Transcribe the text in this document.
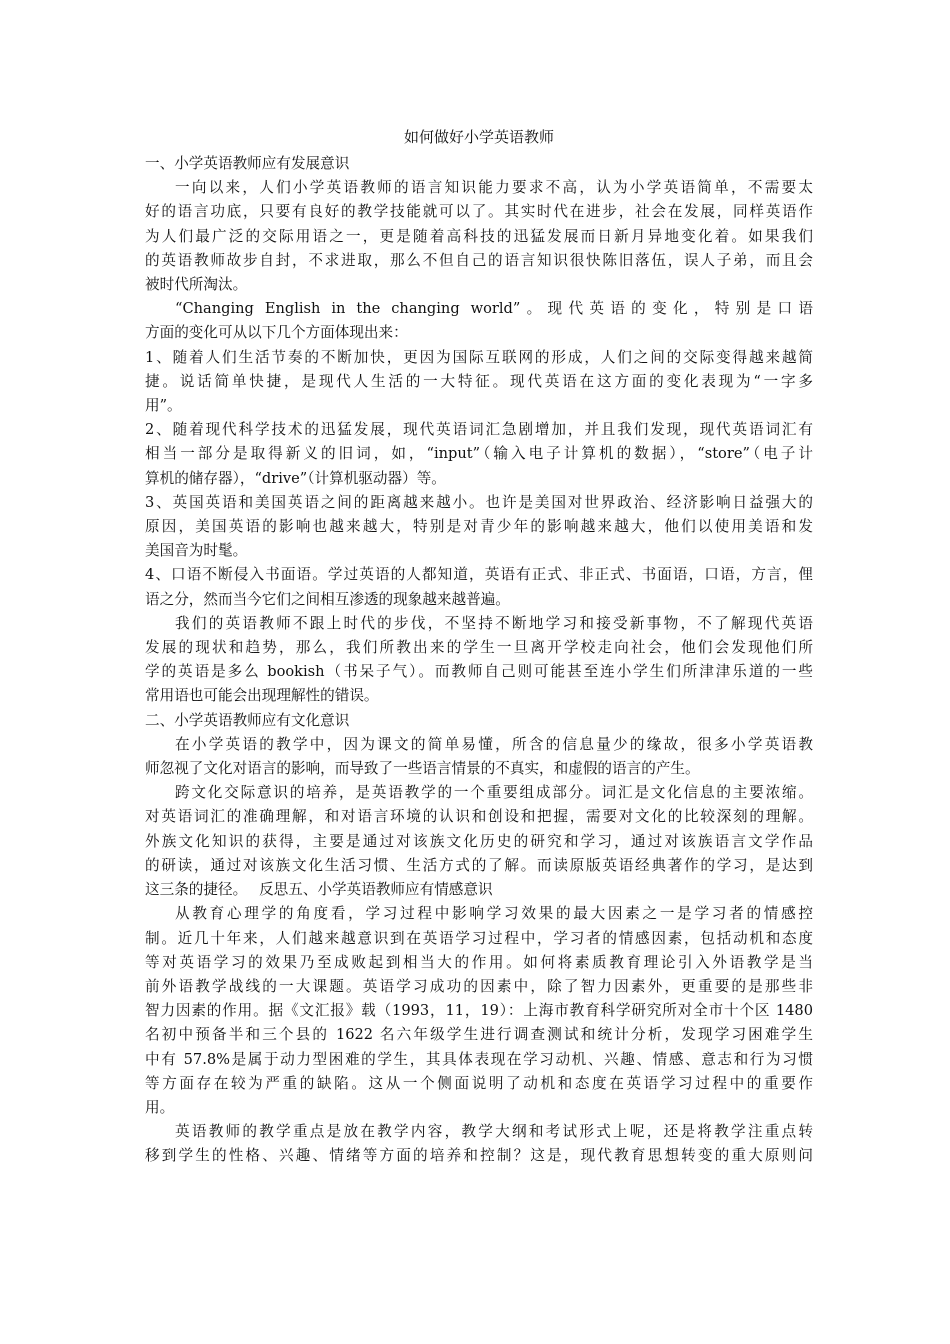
如何做好小学英语教师
一、小学英语教师应有发展意识
一向以来，人们小学英语教师的语言知识能力要求不高，认为小学英语简单，不需要太
好的语言功底，只要有良好的教学技能就可以了。其实时代在进步，社会在发展，同样英语作
为人们最广泛的交际用语之一，更是随着高科技的迅猛发展而日新月异地变化着。如果我们
的英语教师故步自封，不求进取，那么不但自己的语言知识很快陈旧落伍，误人子弟，而且会
被时代所淘汰。
“Changing English in the changing world”。现代英语的变化，特别是口语
方面的变化可从以下几个方面体现出来：
1、随着人们生活节奏的不断加快，更因为国际互联网的形成，人们之间的交际变得越来越简
捷。说话简单快捷，是现代人生活的一大特征。现代英语在这方面的变化表现为“一字多
用”。
2、随着现代科学技术的迅猛发展，现代英语词汇急剧增加，并且我们发现，现代英语词汇有
相当一部分是取得新义的旧词，如，“input”（输入电子计算机的数据），“store”（电子计
算机的储存器），“drive”（计算机驱动器）等。
3、英国英语和美国英语之间的距离越来越小。也许是美国对世界政治、经济影响日益强大的
原因，美国英语的影响也越来越大，特别是对青少年的影响越来越大，他们以使用美语和发
美国音为时髦。
4、口语不断侵入书面语。学过英语的人都知道，英语有正式、非正式、书面语，口语，方言，俚
语之分，然而当今它们之间相互渗透的现象越来越普遍。
我们的英语教师不跟上时代的步伐，不坚持不断地学习和接受新事物，不了解现代英语
发展的现状和趋势，那么，我们所教出来的学生一旦离开学校走向社会，他们会发现他们所
学的英语是多么 bookish（书呆子气）。而教师自己则可能甚至连小学生们所津津乐道的一些
常用语也可能会出现理解性的错误。
二、小学英语教师应有文化意识
在小学英语的教学中，因为课文的简单易懂，所含的信息量少的缘故，很多小学英语教
师忽视了文化对语言的影响，而导致了一些语言情景的不真实，和虚假的语言的产生。
跨文化交际意识的培养，是英语教学的一个重要组成部分。词汇是文化信息的主要浓缩。
对英语词汇的准确理解，和对语言环境的认识和创设和把握，需要对文化的比较深刻的理解。
外族文化知识的获得，主要是通过对该族文化历史的研究和学习，通过对该族语言文学作品
的研读，通过对该族文化生活习惯、生活方式的了解。而读原版英语经典著作的学习，是达到
这三条的捷径。　 反思五、小学英语教师应有情感意识
从教育心理学的角度看，学习过程中影响学习效果的最大因素之一是学习者的情感控
制。近几十年来，人们越来越意识到在英语学习过程中，学习者的情感因素，包括动机和态度
等对英语学习的效果乃至成败起到相当大的作用。如何将素质教育理论引入外语教学是当
前外语教学战线的一大课题。英语学习成功的因素中，除了智力因素外，更重要的是那些非
智力因素的作用。据《文汇报》载（1993，11，19）：上海市教育科学研究所对全市十个区 1480
名初中预备半和三个县的 1622 名六年级学生进行调查测试和统计分析，发现学习困难学生
中有 57.8%是属于动力型困难的学生，其具体表现在学习动机、兴趣、情感、意志和行为习惯
等方面存在较为严重的缺陷。这从一个侧面说明了动机和态度在英语学习过程中的重要作
用。
英语教师的教学重点是放在教学内容，教学大纲和考试形式上呢，还是将教学注重点转
移到学生的性格、兴趣、情绪等方面的培养和控制？这是，现代教育思想转变的重大原则问
